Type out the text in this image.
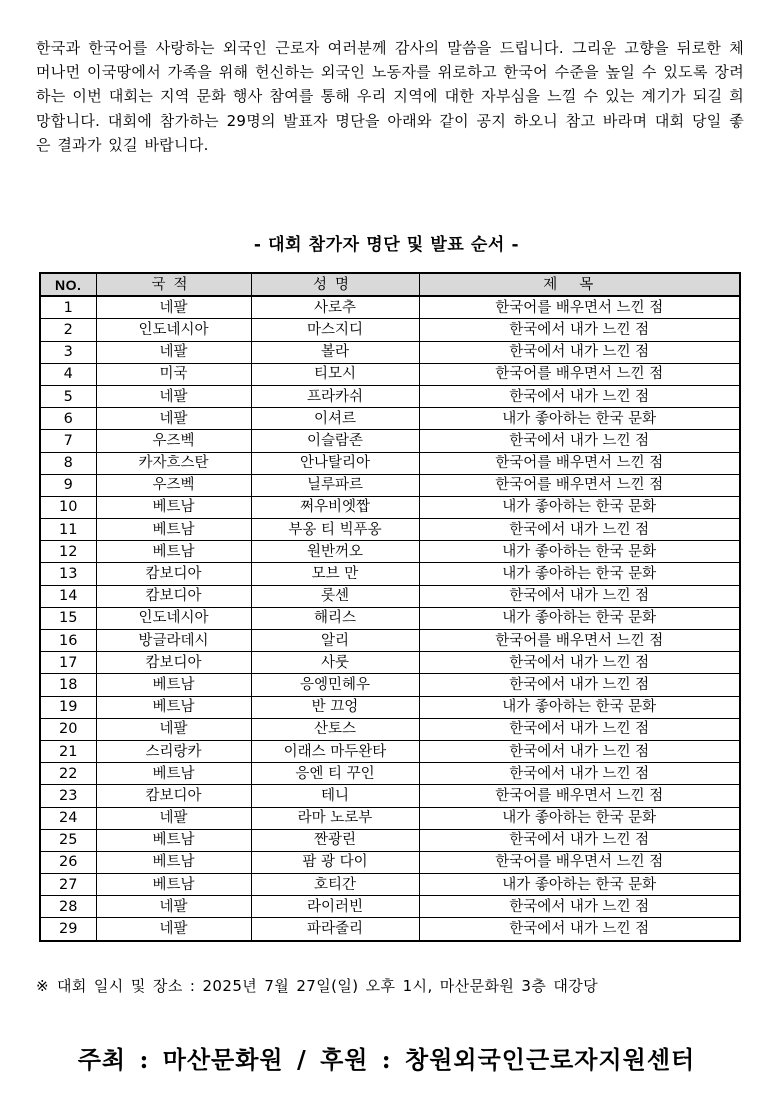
한국과 한국어를 사랑하는 외국인 근로자 여러분께 감사의 말씀을 드립니다. 그리운 고향을 뒤로한 체 머나먼 이국땅에서 가족을 위해 헌신하는 외국인 노동자를 위로하고 한국어 수준을 높일 수 있도록 장려하는 이번 대회는 지역 문화 행사 참여를 통해 우리 지역에 대한 자부심을 느낄 수 있는 계기가 되길 희망합니다. 대회에 참가하는 29명의 발표자 명단을 아래와 같이 공지 하오니 참고 바라며 대회 당일 좋은 결과가 있길 바랍니다.

- 대회 참가자 명단 및 발표 순서 -
NO.	국적	성명	제목
1	네팔	사로추	한국어를 배우면서 느낀 점
2	인도네시아	마스지디	한국에서 내가 느낀 점
3	네팔	볼라	한국에서 내가 느낀 점
4	미국	티모시	한국어를 배우면서 느낀 점
5	네팔	프라카쉬	한국에서 내가 느낀 점
6	네팔	이셔르	내가 좋아하는 한국 문화
7	우즈벡	이슬람존	한국에서 내가 느낀 점
8	카자흐스탄	안나탈리아	한국어를 배우면서 느낀 점
9	우즈벡	닐루파르	한국어를 배우면서 느낀 점
10	베트남	쩌우비엣짭	내가 좋아하는 한국 문화
11	베트남	부옹 티 빅푸옹	한국에서 내가 느낀 점
12	베트남	원반꺼오	내가 좋아하는 한국 문화
13	캄보디아	모브 만	내가 좋아하는 한국 문화
14	캄보디아	롯센	한국에서 내가 느낀 점
15	인도네시아	해리스	내가 좋아하는 한국 문화
16	방글라데시	알리	한국어를 배우면서 느낀 점
17	캄보디아	사룻	한국에서 내가 느낀 점
18	베트남	응엥민헤우	한국에서 내가 느낀 점
19	베트남	반 끄엉	내가 좋아하는 한국 문화
20	네팔	산토스	한국에서 내가 느낀 점
21	스리랑카	이래스 마두완타	한국에서 내가 느낀 점
22	베트남	응엔 티 꾸인	한국에서 내가 느낀 점
23	캄보디아	테니	한국어를 배우면서 느낀 점
24	네팔	라마 노로부	내가 좋아하는 한국 문화
25	베트남	짠광린	한국에서 내가 느낀 점
26	베트남	팜 광 다이	한국어를 배우면서 느낀 점
27	베트남	호티간	내가 좋아하는 한국 문화
28	네팔	라이러빈	한국에서 내가 느낀 점
29	네팔	파라줄리	한국에서 내가 느낀 점

※ 대회 일시 및 장소 : 2025년 7월 27일(일) 오후 1시, 마산문화원 3층 대강당

주최 : 마산문화원 / 후원 : 창원외국인근로자지원센터
